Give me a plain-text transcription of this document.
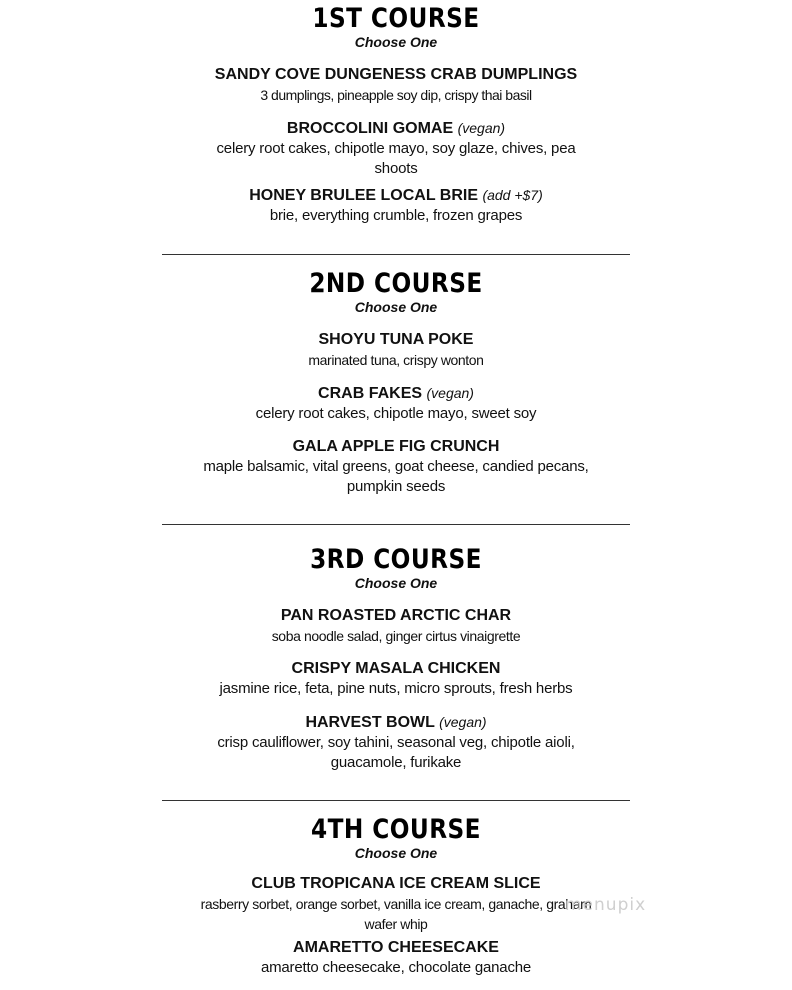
1ST COURSE
Choose One
SANDY COVE DUNGENESS CRAB DUMPLINGS
3 dumplings, pineapple soy dip, crispy thai basil
BROCCOLINI GOMAE (vegan)
celery root cakes, chipotle mayo, soy glaze, chives, pea shoots
HONEY BRULEE LOCAL BRIE (add +$7)
brie, everything crumble, frozen grapes
2ND COURSE
Choose One
SHOYU TUNA POKE
marinated tuna, crispy wonton
CRAB FAKES (vegan)
celery root cakes, chipotle mayo, sweet soy
GALA APPLE FIG CRUNCH
maple balsamic, vital greens, goat cheese, candied pecans, pumpkin seeds
3RD COURSE
Choose One
PAN ROASTED ARCTIC CHAR
soba noodle salad, ginger cirtus vinaigrette
CRISPY MASALA CHICKEN
jasmine rice, feta, pine nuts, micro sprouts, fresh herbs
HARVEST BOWL (vegan)
crisp cauliflower, soy tahini, seasonal veg, chipotle aioli, guacamole, furikake
4TH COURSE
Choose One
CLUB TROPICANA ICE CREAM SLICE
rasberry sorbet, orange sorbet, vanilla ice cream, ganache, graham wafer whip
AMARETTO CHEESECAKE
amaretto cheesecake, chocolate ganache
menupix
